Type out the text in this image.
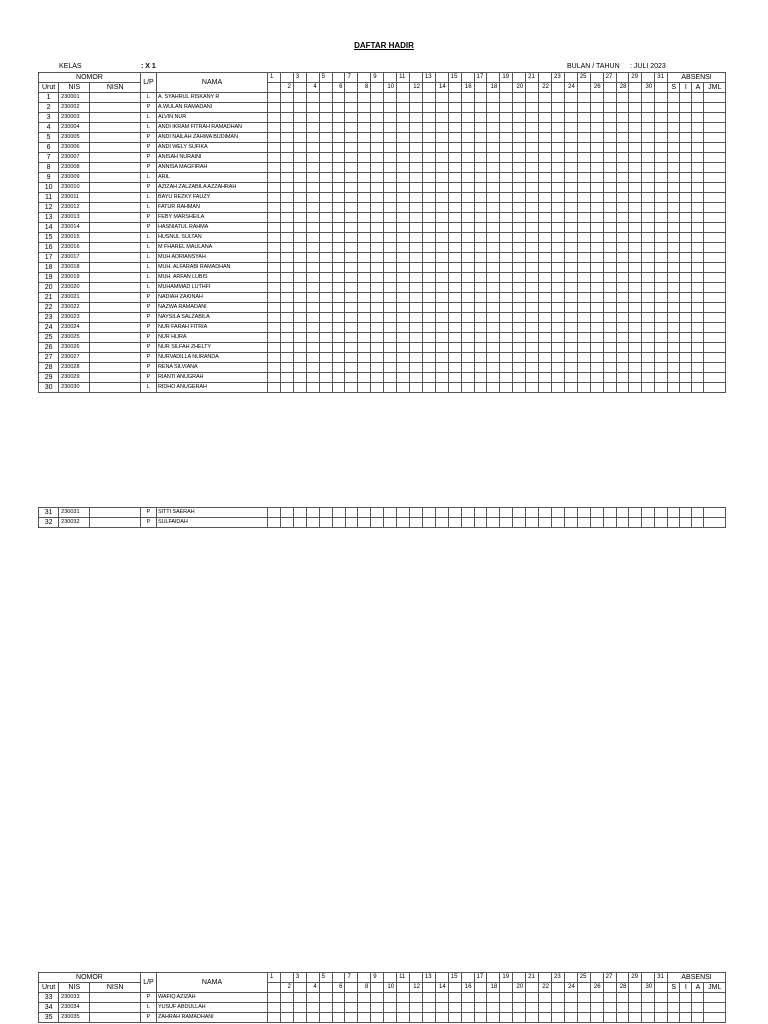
DAFTAR HADIR
KELAS	: X 1	BULAN / TAHUN : JULI 2023
NOMOR			L/P	NAMA	1		3		5		7		9		11		13		15		17		19		21		23		25		27		29		31	ABSENSI			
Urut	NIS	NISN				2		4		6		8		10		12		14		16		18		20		22		24		26		28		30		S	I	A	JML
1	230001		L	A. SYAHRUL RISKANY R																																			
2	230002		P	A.WULAN RAMADANI																																			
3	230003		L	ALVIN NUR																																			
4	230004		L	ANDI IKRAM FITRAH RAMADHAN																																			
5	230005		P	ANDI NAILAH ZAHWA BUDIMAN																																			
6	230006		P	ANDI WELY SUFIKA																																			
7	230007		P	ANISAH NURAINI																																			
8	230008		P	ANNISA MAGFIRAH																																			
9	230009		L	ARIL																																			
10	230010		P	AZIZAH ZALZABILA AZZAHRAH																																			
11	230011		L	BAYU REZKY FAUZY																																			
12	230012		L	FATUR RAHMAN																																			
13	230013		P	FEBY MARSHEILA																																			
14	230014		P	HASNIATUL RAHMA																																			
15	230015		L	HUSNUL SULTAN																																			
16	230016		L	M FHAREL MAULANA																																			
17	230017		L	MUH ADRIANSYAH																																			
18	230018		L	MUH. ALFARABI RAMADHAN																																			
19	230019		L	MUH. ARFAN LUBIS																																			
20	230020		L	MUHAMMAD LUTHFI																																			
21	230021		P	NADIAH ZAKINAH																																			
22	230022		P	NAZWA RAMADANI																																			
23	230023		P	NAYSILA SALZABILA																																			
24	230024		P	NUR FARAH FITRIA																																			
25	230025		P	NUR HIJRA																																			
26	230026		P	NUR SILFAH ZHELTY																																			
27	230027		P	NURVADILLA NURANDA																																			
28	230028		P	RENA SILVIANA																																			
29	230029		P	RIANTI ANUGRAH																																			
30	230030		L	RIDHO ANUGERAH																																			
31	230031		P	SITTI SAERAH																																			
32	230032		P	SULFAIDAH																																			
NOMOR			L/P	NAMA	1		3		5		7		9		11		13		15		17		19		21		23		25		27		29		31	ABSENSI			
Urut	NIS	NISN				2		4		6		8		10		12		14		16		18		20		22		24		26		28		30		S	I	A	JML
33	230033		P	WAFIQ AZIZAH																																			
34	230034		L	YUSUF ABDULLAH																																			
35	230035		P	ZAHRAH RAMADHANI																																			
